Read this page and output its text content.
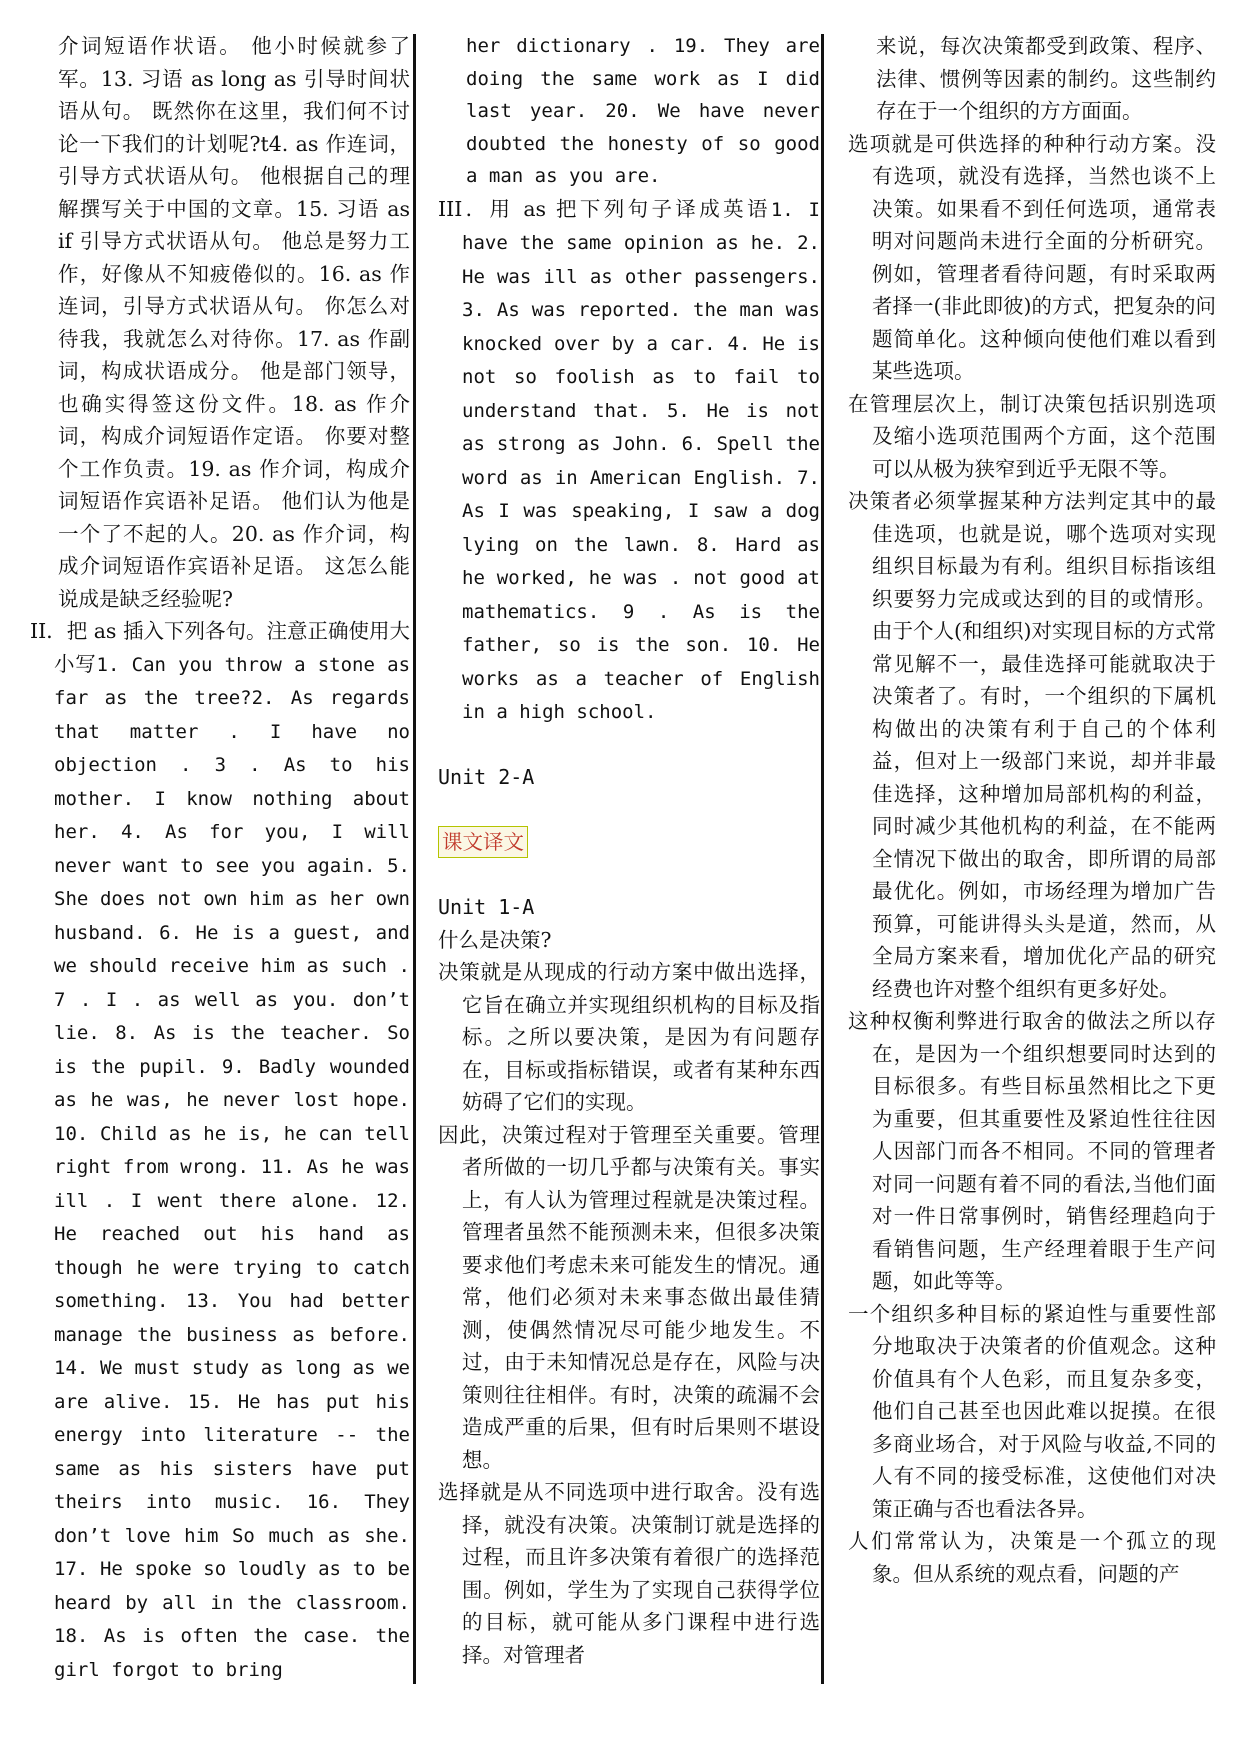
介词短语作状语。 他小时候就参了军。13. 习语 as long as 引导时间状语从句。 既然你在这里，我们何不讨论一下我们的计划呢?t4. as 作连词，引导方式状语从句。 他根据自己的理解撰写关于中国的文章。15. 习语 as if 引导方式状语从句。 他总是努力工作，好像从不知疲倦似的。16. as 作连词，引导方式状语从句。 你怎么对待我，我就怎么对待你。17. as 作副词，构成状语成分。 他是部门领导，也确实得签这份文件。18. as 作介词，构成介词短语作定语。 你要对整个工作负责。19. as 作介词，构成介词短语作宾语补足语。 他们认为他是一个了不起的人。20. as 作介词，构成介词短语作宾语补足语。 这怎么能说成是缺乏经验呢?

II．把 as 插入下列各句。注意正确使用大小写1. Can you throw a stone as far as the tree?2. As regards that matter . I have no objection . 3 . As to his mother. I know nothing about her. 4. As for you, I will never want to see you again. 5. She does not own him as her own husband. 6. He is a guest, and we should receive him as such . 7 . I . as well as you. don’t lie. 8. As is the teacher. So is the pupil. 9. Badly wounded as he was, he never lost hope. 10. Child as he is, he can tell right from wrong. 11. As he was ill . I went there alone. 12. He reached out his hand as though he were trying to catch something. 13. You had better manage the business as before. 14. We must study as long as we are alive. 15. He has put his energy into literature -- the same as his sisters have put theirs into music. 16. They don’t love him So much as she. 17. He spoke so loudly as to be heard by all in the classroom. 18. As is often the case. the girl forgot to bring

her dictionary . 19. They are doing the same work as I did last year. 20. We have never doubted the honesty of so good a man as you are.

III．用 as 把下列句子译成英语1. I have the same opinion as he. 2. He was ill as other passengers. 3. As was reported. the man was knocked over by a car. 4. He is not so foolish as to fail to understand that. 5. He is not as strong as John. 6. Spell the word as in American English. 7. As I was speaking, I saw a dog lying on the lawn. 8. Hard as he worked, he was . not good at mathematics. 9 . As is the father, so is the son. 10. He works as a teacher of English in a high school.

Unit 2-A

课文译文

Unit 1-A

什么是决策?

决策就是从现成的行动方案中做出选择，它旨在确立并实现组织机构的目标及指标。之所以要决策，是因为有问题存在，目标或指标错误，或者有某种东西妨碍了它们的实现。

因此，决策过程对于管理至关重要。管理者所做的一切几乎都与决策有关。事实上，有人认为管理过程就是决策过程。管理者虽然不能预测未来，但很多决策要求他们考虑未来可能发生的情况。通常，他们必须对未来事态做出最佳猜测，使偶然情况尽可能少地发生。不过，由于未知情况总是存在，风险与决策则往往相伴。有时，决策的疏漏不会造成严重的后果，但有时后果则不堪设想。

选择就是从不同选项中进行取舍。没有选择，就没有决策。决策制订就是选择的过程，而且许多决策有着很广的选择范围。例如，学生为了实现自己获得学位的目标，就可能从多门课程中进行选择。对管理者

来说，每次决策都受到政策、程序、法律、惯例等因素的制约。这些制约存在于一个组织的方方面面。

选项就是可供选择的种种行动方案。没有选项，就没有选择，当然也谈不上决策。如果看不到任何选项，通常表明对问题尚未进行全面的分析研究。例如，管理者看待问题，有时采取两者择一(非此即彼)的方式，把复杂的问题简单化。这种倾向使他们难以看到某些选项。

在管理层次上，制订决策包括识别选项及缩小选项范围两个方面，这个范围可以从极为狭窄到近乎无限不等。

决策者必须掌握某种方法判定其中的最佳选项，也就是说，哪个选项对实现组织目标最为有利。组织目标指该组织要努力完成或达到的目的或情形。由于个人(和组织)对实现目标的方式常常见解不一，最佳选择可能就取决于决策者了。有时，一个组织的下属机构做出的决策有利于自己的个体利益，但对上一级部门来说，却并非最佳选择，这种增加局部机构的利益，同时减少其他机构的利益，在不能两全情况下做出的取舍，即所谓的局部最优化。例如，市场经理为增加广告预算，可能讲得头头是道，然而，从全局方案来看，增加优化产品的研究经费也许对整个组织有更多好处。

这种权衡利弊进行取舍的做法之所以存在，是因为一个组织想要同时达到的目标很多。有些目标虽然相比之下更为重要，但其重要性及紧迫性往往因人因部门而各不相同。不同的管理者对同一问题有着不同的看法,当他们面对一件日常事例时，销售经理趋向于看销售问题，生产经理着眼于生产问题，如此等等。

一个组织多种目标的紧迫性与重要性部分地取决于决策者的价值观念。这种价值具有个人色彩，而且复杂多变，他们自己甚至也因此难以捉摸。在很多商业场合，对于风险与收益,不同的人有不同的接受标准，这使他们对决策正确与否也看法各异。

人们常常认为，决策是一个孤立的现象。但从系统的观点看，问题的产
